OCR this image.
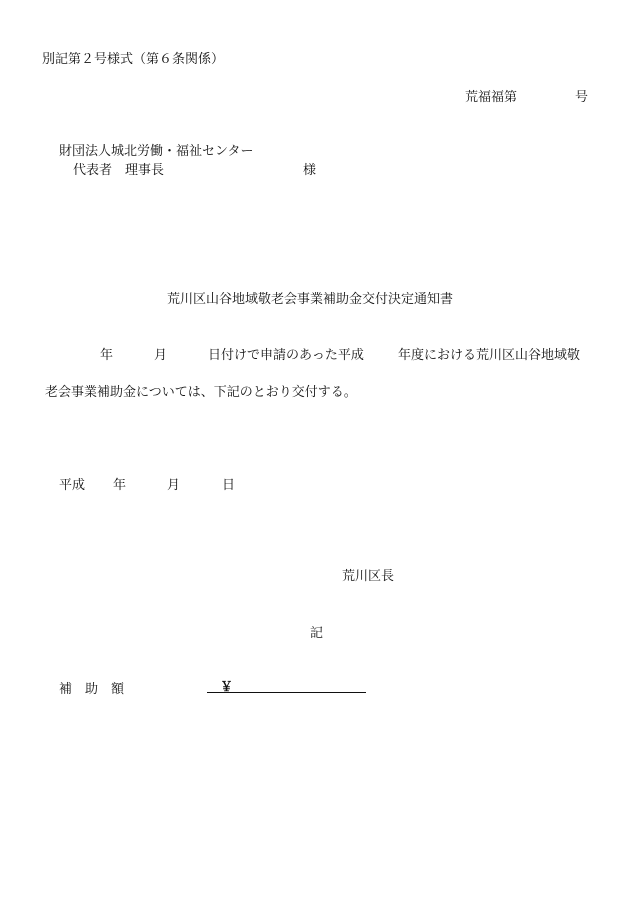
別記第２号様式（第６条関係）
荒福福第	号
財団法人城北労働・福祉センター
代表者　理事長	様
荒川区山谷地域敬老会事業補助金交付決定通知書
年	月	日付けで申請のあった平成	年度における荒川区山谷地域敬
老会事業補助金については、下記のとおり交付する。
平成 年	月	日
荒川区長
記
補　助　額	￥
